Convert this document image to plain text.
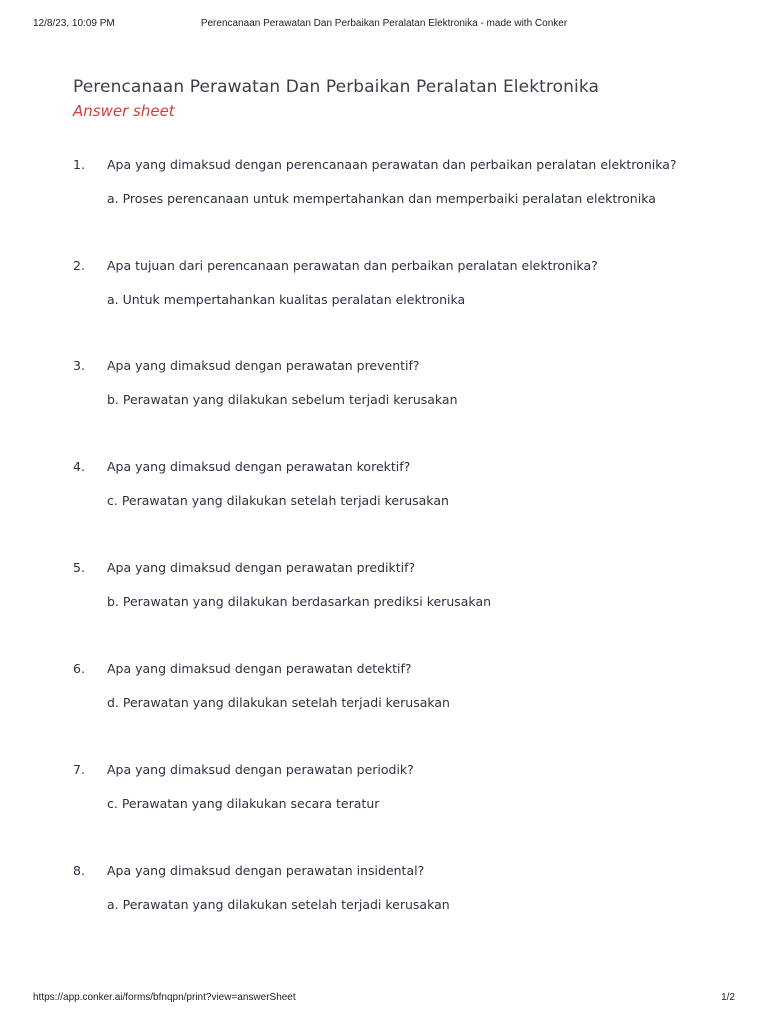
12/8/23, 10:09 PM	Perencanaan Perawatan Dan Perbaikan Peralatan Elektronika - made with Conker
Perencanaan Perawatan Dan Perbaikan Peralatan Elektronika
Answer sheet
1. Apa yang dimaksud dengan perencanaan perawatan dan perbaikan peralatan elektronika?
a. Proses perencanaan untuk mempertahankan dan memperbaiki peralatan elektronika
2. Apa tujuan dari perencanaan perawatan dan perbaikan peralatan elektronika?
a. Untuk mempertahankan kualitas peralatan elektronika
3. Apa yang dimaksud dengan perawatan preventif?
b. Perawatan yang dilakukan sebelum terjadi kerusakan
4. Apa yang dimaksud dengan perawatan korektif?
c. Perawatan yang dilakukan setelah terjadi kerusakan
5. Apa yang dimaksud dengan perawatan prediktif?
b. Perawatan yang dilakukan berdasarkan prediksi kerusakan
6. Apa yang dimaksud dengan perawatan detektif?
d. Perawatan yang dilakukan setelah terjadi kerusakan
7. Apa yang dimaksud dengan perawatan periodik?
c. Perawatan yang dilakukan secara teratur
8. Apa yang dimaksud dengan perawatan insidental?
a. Perawatan yang dilakukan setelah terjadi kerusakan
https://app.conker.ai/forms/bfnqpn/print?view=answerSheet	1/2
